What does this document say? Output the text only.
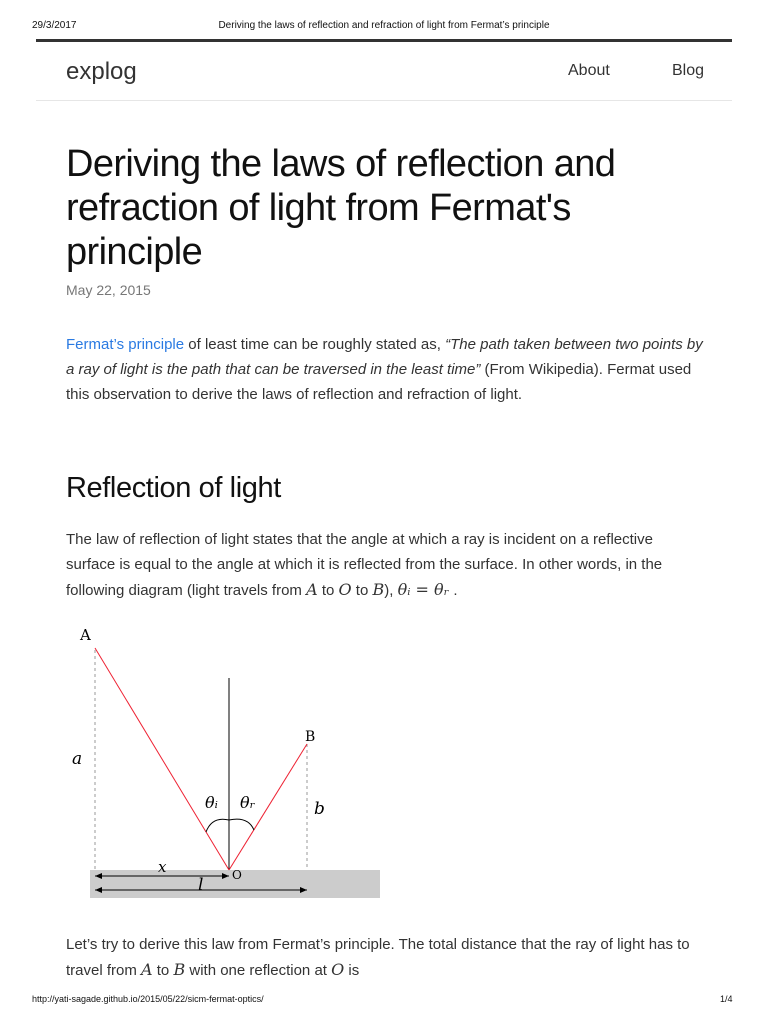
29/3/2017	Deriving the laws of reflection and refraction of light from Fermat’s principle
explog	About	Blog
Deriving the laws of reflection and refraction of light from Fermat's principle
May 22, 2015

Fermat’s principle of least time can be roughly stated as, “The path taken between two points by a ray of light is the path that can be traversed in the least time” (From Wikipedia). Fermat used this observation to derive the laws of reflection and refraction of light.

Reflection of light

The law of reflection of light states that the angle at which a ray is incident on a reflective surface is equal to the angle at which it is reflected from the surface. In other words, in the following diagram (light travels from A to O to B), θᵢ = θᵣ .

A
B
O
a
b
x
l
θᵢ θᵣ

Let’s try to derive this law from Fermat’s principle. The total distance that the ray of light has to travel from A to B with one reflection at O is

http://yati-sagade.github.io/2015/05/22/sicm-fermat-optics/	1/4
